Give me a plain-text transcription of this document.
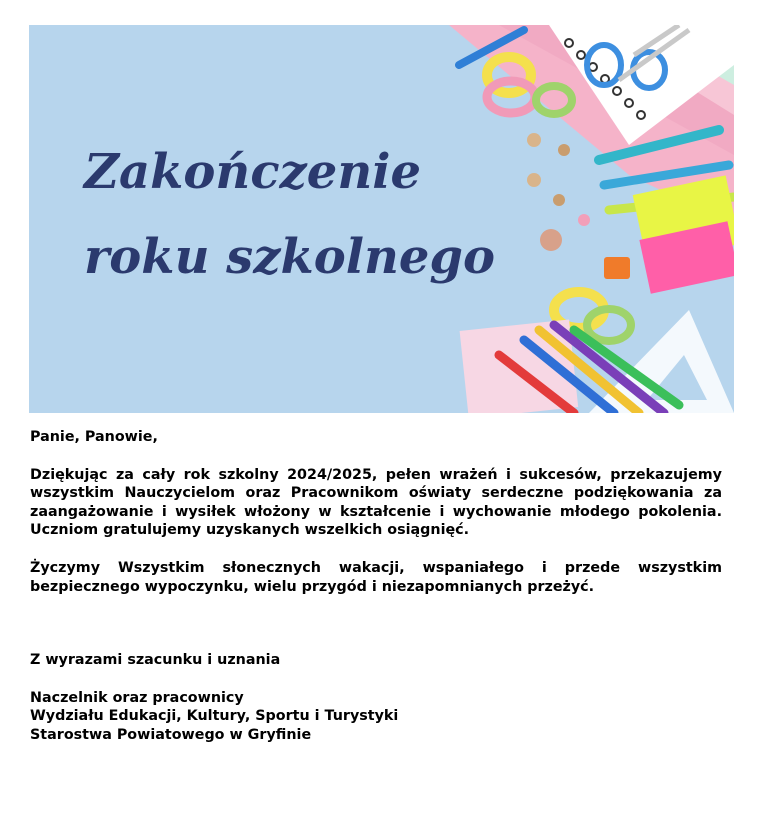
Zakończenie
roku szkolnego

Panie, Panowie,

Dziękując za cały rok szkolny 2024/2025, pełen wrażeń i sukcesów, przekazujemy wszystkim Nauczycielom oraz Pracownikom oświaty serdeczne podziękowania za zaangażowanie i wysiłek włożony w kształcenie i wychowanie młodego pokolenia. Uczniom gratulujemy uzyskanych wszelkich osiągnięć.

Życzymy Wszystkim słonecznych wakacji, wspaniałego i przede wszystkim bezpiecznego wypoczynku, wielu przygód i niezapomnianych przeżyć.

Z wyrazami szacunku i uznania

Naczelnik oraz pracownicy

Wydziału Edukacji, Kultury, Sportu i Turystyki

Starostwa Powiatowego w Gryfinie
